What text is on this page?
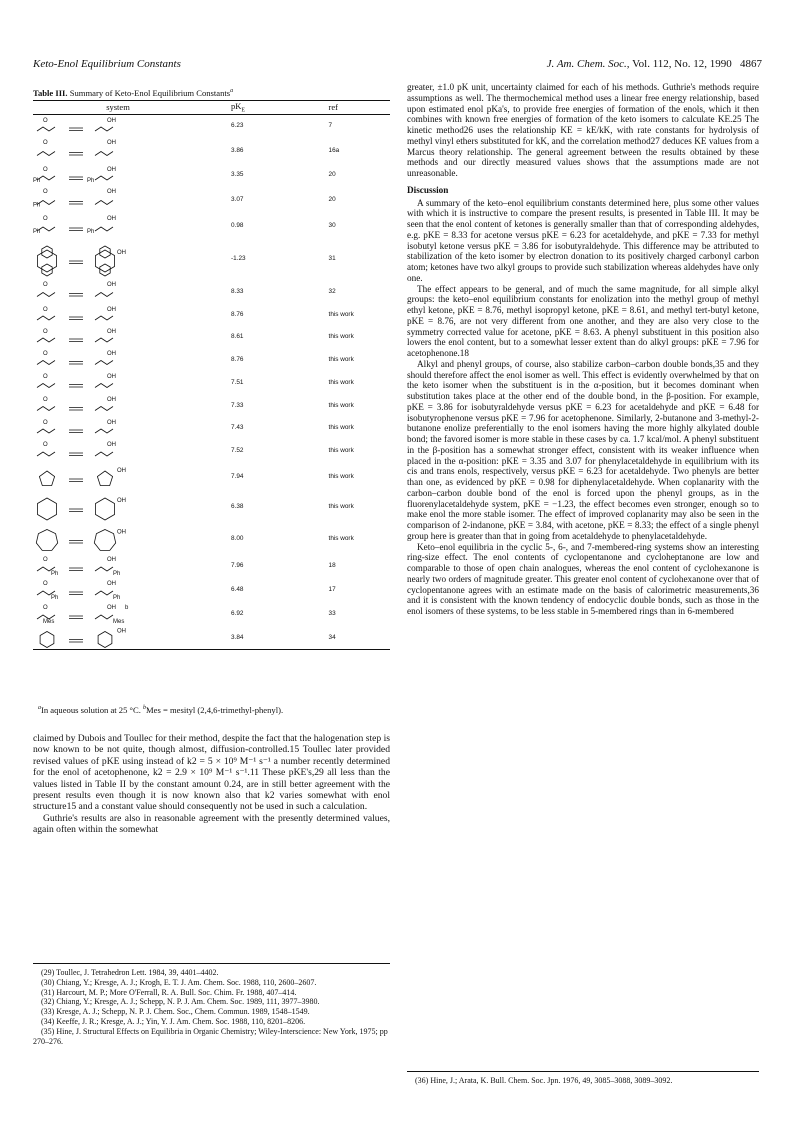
Keto-Enol Equilibrium Constants	J. Am. Chem. Soc., Vol. 112, No. 12, 1990 4867
Table III. Summary of Keto-Enol Equilibrium Constants$^a$
system	$pK_E$	ref

O OH	6.23	7

O OH	3.86	16a

O
Ph
OH
Ph	3.35	20

O
Ph
OH	3.07	20

O
Ph
OH
Ph	0.98	30

OH	-1.23	31

O OH	8.33	32

O OH	8.76	this work

O OH	8.61	this work

O OH	8.76	this work

O OH	7.51	this work

O OH	7.33	this work

O OH	7.43	this work

O OH	7.52	this work

OH	7.94	this work

OH	6.38	this work

OH	8.00	this work

O
Ph
OH
Ph	7.96	18

O
Ph
OH
Ph	6.48	17

O
Mes
OH
Mes
b	6.92	33

OH	3.84	34
$^a$In aqueous solution at 25 °C. $^b$Mes = mesityl (2,4,6-trimethyl-phenyl).

claimed by Dubois and Toullec for their method, despite the fact that the halogenation step is now known to be not quite, though almost, diffusion-controlled.15 Toullec later provided revised values of pKE using instead of k2 = 5 × 10⁹ M⁻¹ s⁻¹ a number recently determined for the enol of acetophenone, k2 = 2.9 × 10⁹ M⁻¹ s⁻¹.11 These pKE's,29 all less than the values listed in Table II by the constant amount 0.24, are in still better agreement with the present results even though it is now known also that k2 varies somewhat with enol structure15 and a constant value should consequently not be used in such a calculation.

Guthrie's results are also in reasonable agreement with the presently determined values, again often within the somewhat

(29) Toullec, J. Tetrahedron Lett. 1984, 39, 4401–4402.

(30) Chiang, Y.; Kresge, A. J.; Krogh, E. T. J. Am. Chem. Soc. 1988, 110, 2600–2607.

(31) Harcourt, M. P.; More O'Ferrall, R. A. Bull. Soc. Chim. Fr. 1988, 407–414.

(32) Chiang, Y.; Kresge, A. J.; Schepp, N. P. J. Am. Chem. Soc. 1989, 111, 3977–3980.

(33) Kresge, A. J.; Schepp, N. P. J. Chem. Soc., Chem. Commun. 1989, 1548–1549.

(34) Keeffe, J. R.; Kresge, A. J.; Yin, Y. J. Am. Chem. Soc. 1988, 110, 8201–8206.

(35) Hine, J. Structural Effects on Equilibria in Organic Chemistry; Wiley-Interscience: New York, 1975; pp 270–276.

greater, ±1.0 pK unit, uncertainty claimed for each of his methods. Guthrie's methods require assumptions as well. The thermochemical method uses a linear free energy relationship, based upon estimated enol pKa's, to provide free energies of formation of the enols, which it then combines with known free energies of formation of the keto isomers to calculate KE.25 The kinetic method26 uses the relationship KE = kE/kK, with rate constants for hydrolysis of methyl vinyl ethers substituted for kK, and the correlation method27 deduces KE values from a Marcus theory relationship. The general agreement between the results obtained by these methods and our directly measured values shows that the assumptions made are not unreasonable.

Discussion

A summary of the keto–enol equilibrium constants determined here, plus some other values with which it is instructive to compare the present results, is presented in Table III. It may be seen that the enol content of ketones is generally smaller than that of corresponding aldehydes, e.g. pKE = 8.33 for acetone versus pKE = 6.23 for acetaldehyde, and pKE = 7.33 for methyl isobutyl ketone versus pKE = 3.86 for isobutyraldehyde. This difference may be attributed to stabilization of the keto isomer by electron donation to its positively charged carbonyl carbon atom; ketones have two alkyl groups to provide such stabilization whereas aldehydes have only one.

The effect appears to be general, and of much the same magnitude, for all simple alkyl groups: the keto–enol equilibrium constants for enolization into the methyl group of methyl ethyl ketone, pKE = 8.76, methyl isopropyl ketone, pKE = 8.61, and methyl tert-butyl ketone, pKE = 8.76, are not very different from one another, and they are also very close to the symmetry corrected value for acetone, pKE = 8.63. A phenyl substituent in this position also lowers the enol content, but to a somewhat lesser extent than do alkyl groups: pKE = 7.96 for acetophenone.18

Alkyl and phenyl groups, of course, also stabilize carbon–carbon double bonds,35 and they should therefore affect the enol isomer as well. This effect is evidently overwhelmed by that on the keto isomer when the substituent is in the α-position, but it becomes dominant when substitution takes place at the other end of the double bond, in the β-position. For example, pKE = 3.86 for isobutyraldehyde versus pKE = 6.23 for acetaldehyde and pKE = 6.48 for isobutyrophenone versus pKE = 7.96 for acetophenone. Similarly, 2-butanone and 3-methyl-2-butanone enolize preferentially to the enol isomers having the more highly alkylated double bond; the favored isomer is more stable in these cases by ca. 1.7 kcal/mol. A phenyl substituent in the β-position has a somewhat stronger effect, consistent with its weaker influence when placed in the α-position: pKE = 3.35 and 3.07 for phenylacetaldehyde in equilibrium with its cis and trans enols, respectively, versus pKE = 6.23 for acetaldehyde. Two phenyls are better than one, as evidenced by pKE = 0.98 for diphenylacetaldehyde. When coplanarity with the carbon–carbon double bond of the enol is forced upon the phenyl groups, as in the fluorenylacetaldehyde system, pKE = −1.23, the effect becomes even stronger, enough so to make enol the more stable isomer. The effect of improved coplanarity may also be seen in the comparison of 2-indanone, pKE = 3.84, with acetone, pKE = 8.33; the effect of a single phenyl group here is greater than that in going from acetaldehyde to phenylacetaldehyde.

Keto–enol equilibria in the cyclic 5-, 6-, and 7-membered-ring systems show an interesting ring-size effect. The enol contents of cyclopentanone and cycloheptanone are low and comparable to those of open chain analogues, whereas the enol content of cyclohexanone is nearly two orders of magnitude greater. This greater enol content of cyclohexanone over that of cyclopentanone agrees with an estimate made on the basis of calorimetric measurements,36 and it is consistent with the known tendency of endocyclic double bonds, such as those in the enol isomers of these systems, to be less stable in 5-membered rings than in 6-membered

(36) Hine, J.; Arata, K. Bull. Chem. Soc. Jpn. 1976, 49, 3085–3088, 3089–3092.
